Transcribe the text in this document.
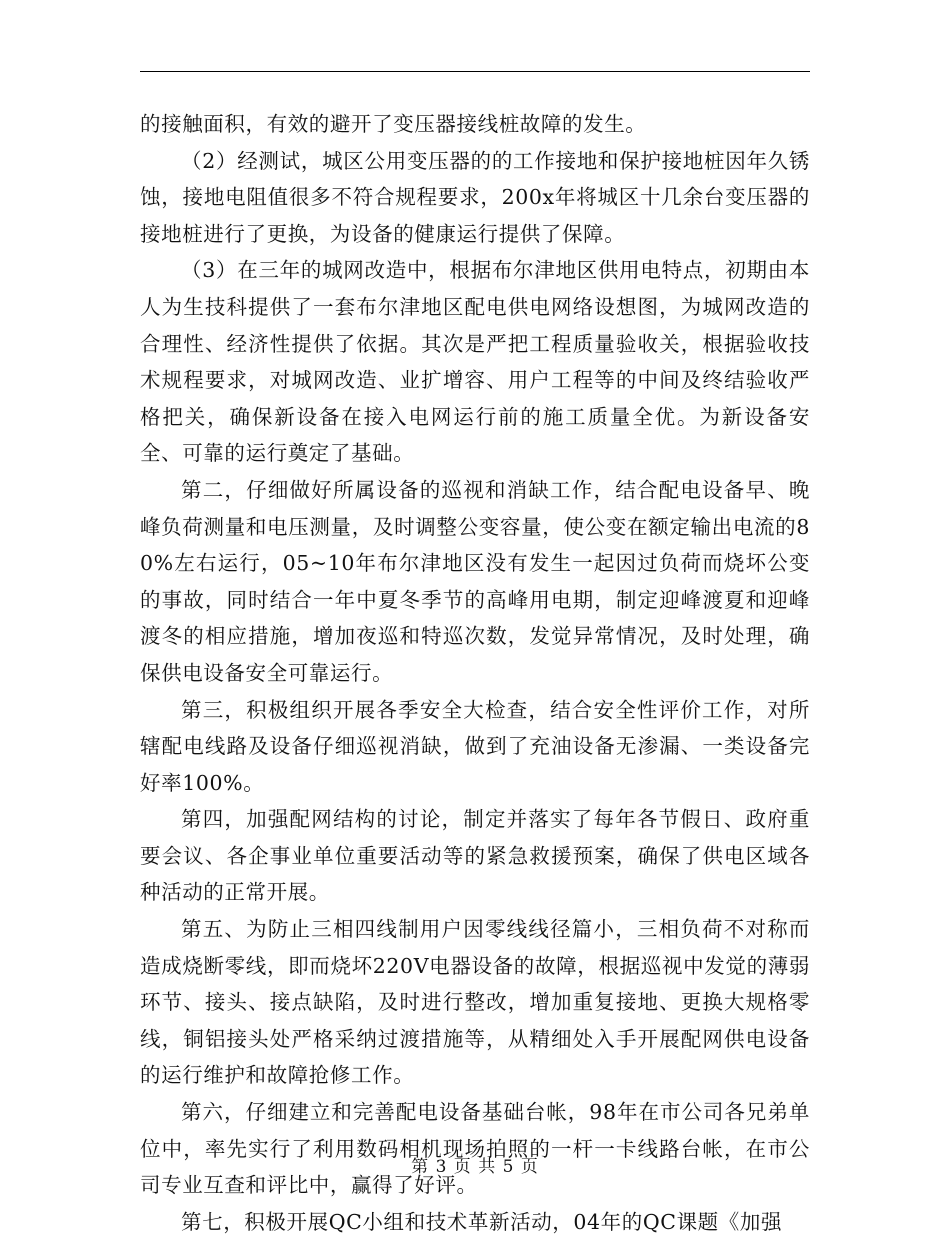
的接触面积，有效的避开了变压器接线桩故障的发生。

（2）经测试，城区公用变压器的的工作接地和保护接地桩因年久锈蚀，接地电阻值很多不符合规程要求，200x年将城区十几余台变压器的接地桩进行了更换，为设备的健康运行提供了保障。

（3）在三年的城网改造中，根据布尔津地区供用电特点，初期由本人为生技科提供了一套布尔津地区配电供电网络设想图，为城网改造的合理性、经济性提供了依据。其次是严把工程质量验收关，根据验收技术规程要求，对城网改造、业扩增容、用户工程等的中间及终结验收严格把关，确保新设备在接入电网运行前的施工质量全优。为新设备安全、可靠的运行奠定了基础。

第二，仔细做好所属设备的巡视和消缺工作，结合配电设备早、晚峰负荷测量和电压测量，及时调整公变容量，使公变在额定输出电流的80%左右运行，05~10年布尔津地区没有发生一起因过负荷而烧坏公变的事故，同时结合一年中夏冬季节的高峰用电期，制定迎峰渡夏和迎峰渡冬的相应措施，增加夜巡和特巡次数，发觉异常情况，及时处理，确保供电设备安全可靠运行。

第三，积极组织开展各季安全大检查，结合安全性评价工作，对所辖配电线路及设备仔细巡视消缺，做到了充油设备无渗漏、一类设备完好率100%。

第四，加强配网结构的讨论，制定并落实了每年各节假日、政府重要会议、各企事业单位重要活动等的紧急救援预案，确保了供电区域各种活动的正常开展。

第五、为防止三相四线制用户因零线线径篇小，三相负荷不对称而造成烧断零线，即而烧坏220V电器设备的故障，根据巡视中发觉的薄弱环节、接头、接点缺陷，及时进行整改，增加重复接地、更换大规格零线，铜铝接头处严格采纳过渡措施等，从精细处入手开展配网供电设备的运行维护和故障抢修工作。

第六，仔细建立和完善配电设备基础台帐，98年在市公司各兄弟单位中，率先实行了利用数码相机现场拍照的一杆一卡线路台帐，在市公司专业互查和评比中，赢得了好评。

第七，积极开展QC小组和技术革新活动，04年的QC课题《加强

第 3 页 共 5 页
